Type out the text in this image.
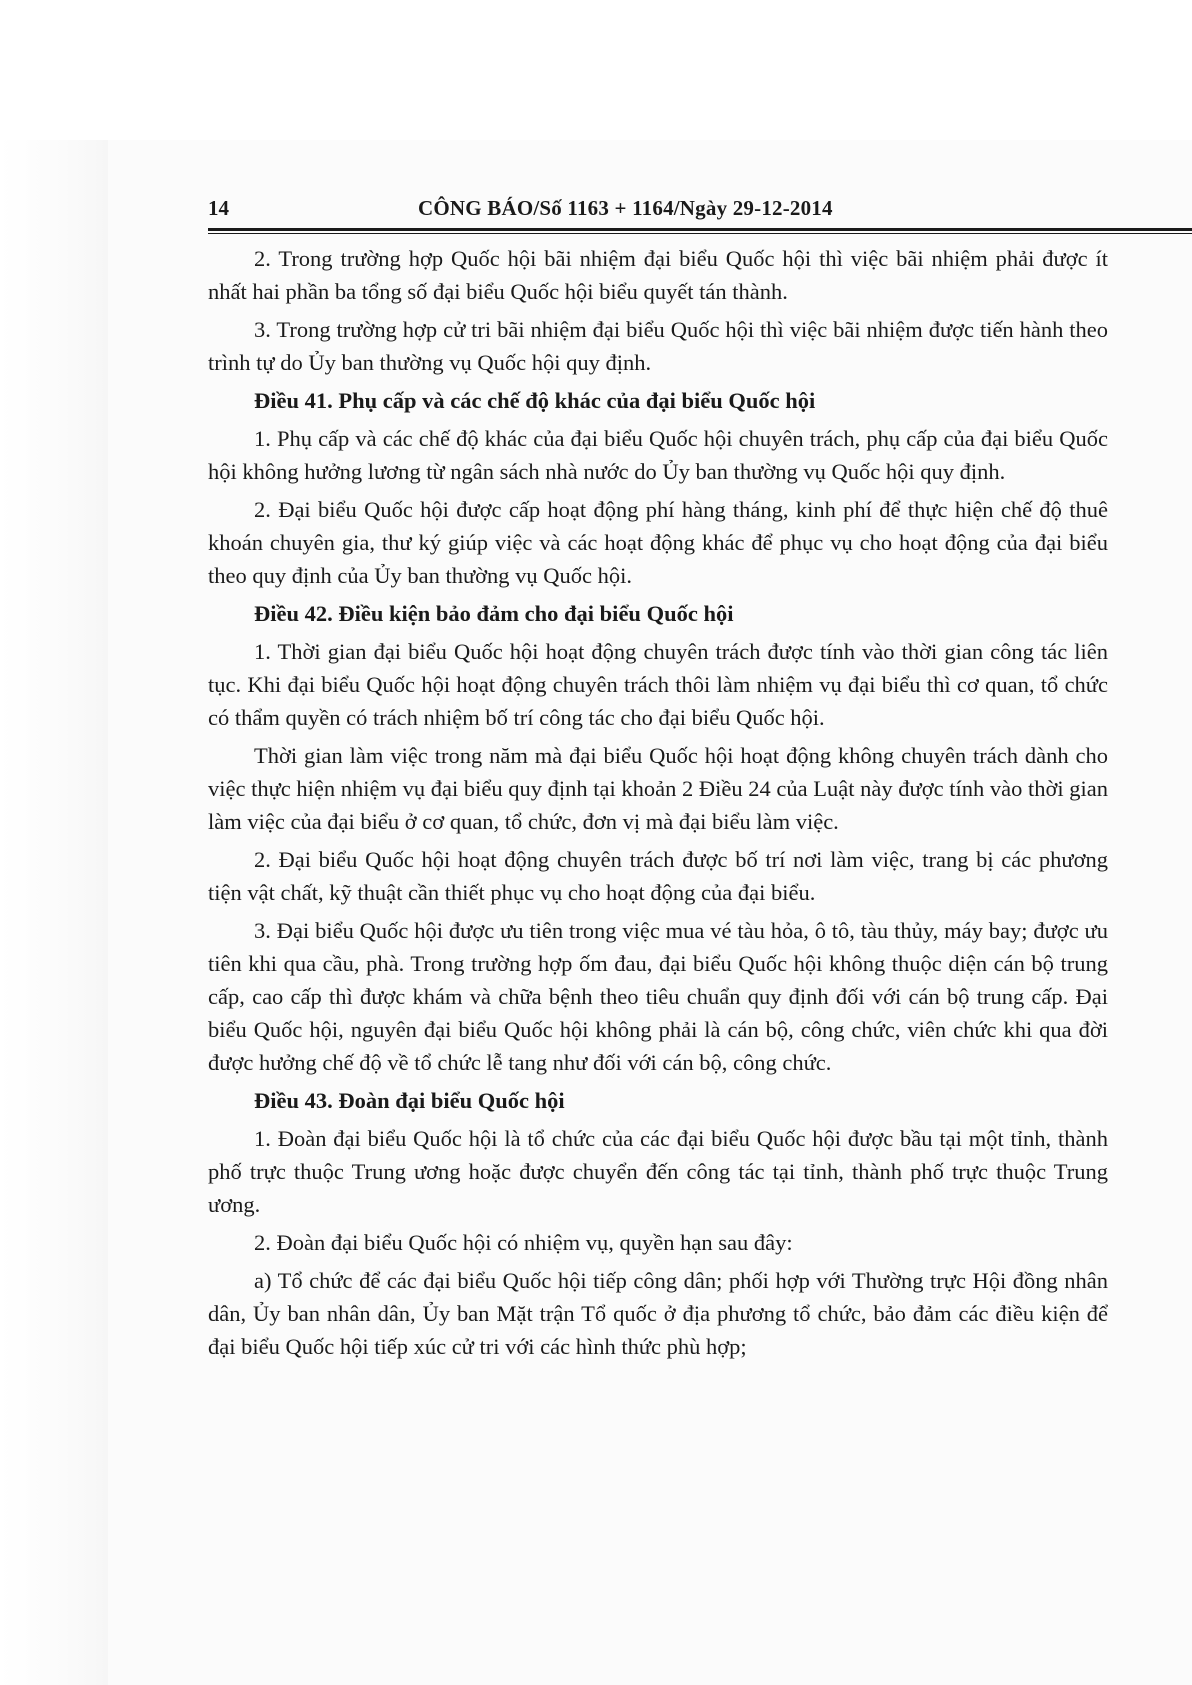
14	CÔNG BÁO/Số 1163 + 1164/Ngày 29-12-2014

2. Trong trường hợp Quốc hội bãi nhiệm đại biểu Quốc hội thì việc bãi nhiệm phải được ít nhất hai phần ba tổng số đại biểu Quốc hội biểu quyết tán thành.

3. Trong trường hợp cử tri bãi nhiệm đại biểu Quốc hội thì việc bãi nhiệm được tiến hành theo trình tự do Ủy ban thường vụ Quốc hội quy định.

Điều 41. Phụ cấp và các chế độ khác của đại biểu Quốc hội

1. Phụ cấp và các chế độ khác của đại biểu Quốc hội chuyên trách, phụ cấp của đại biểu Quốc hội không hưởng lương từ ngân sách nhà nước do Ủy ban thường vụ Quốc hội quy định.

2. Đại biểu Quốc hội được cấp hoạt động phí hàng tháng, kinh phí để thực hiện chế độ thuê khoán chuyên gia, thư ký giúp việc và các hoạt động khác để phục vụ cho hoạt động của đại biểu theo quy định của Ủy ban thường vụ Quốc hội.

Điều 42. Điều kiện bảo đảm cho đại biểu Quốc hội

1. Thời gian đại biểu Quốc hội hoạt động chuyên trách được tính vào thời gian công tác liên tục. Khi đại biểu Quốc hội hoạt động chuyên trách thôi làm nhiệm vụ đại biểu thì cơ quan, tổ chức có thẩm quyền có trách nhiệm bố trí công tác cho đại biểu Quốc hội.

Thời gian làm việc trong năm mà đại biểu Quốc hội hoạt động không chuyên trách dành cho việc thực hiện nhiệm vụ đại biểu quy định tại khoản 2 Điều 24 của Luật này được tính vào thời gian làm việc của đại biểu ở cơ quan, tổ chức, đơn vị mà đại biểu làm việc.

2. Đại biểu Quốc hội hoạt động chuyên trách được bố trí nơi làm việc, trang bị các phương tiện vật chất, kỹ thuật cần thiết phục vụ cho hoạt động của đại biểu.

3. Đại biểu Quốc hội được ưu tiên trong việc mua vé tàu hỏa, ô tô, tàu thủy, máy bay; được ưu tiên khi qua cầu, phà. Trong trường hợp ốm đau, đại biểu Quốc hội không thuộc diện cán bộ trung cấp, cao cấp thì được khám và chữa bệnh theo tiêu chuẩn quy định đối với cán bộ trung cấp. Đại biểu Quốc hội, nguyên đại biểu Quốc hội không phải là cán bộ, công chức, viên chức khi qua đời được hưởng chế độ về tổ chức lễ tang như đối với cán bộ, công chức.

Điều 43. Đoàn đại biểu Quốc hội

1. Đoàn đại biểu Quốc hội là tổ chức của các đại biểu Quốc hội được bầu tại một tỉnh, thành phố trực thuộc Trung ương hoặc được chuyển đến công tác tại tỉnh, thành phố trực thuộc Trung ương.

2. Đoàn đại biểu Quốc hội có nhiệm vụ, quyền hạn sau đây:

a) Tổ chức để các đại biểu Quốc hội tiếp công dân; phối hợp với Thường trực Hội đồng nhân dân, Ủy ban nhân dân, Ủy ban Mặt trận Tổ quốc ở địa phương tổ chức, bảo đảm các điều kiện để đại biểu Quốc hội tiếp xúc cử tri với các hình thức phù hợp;
